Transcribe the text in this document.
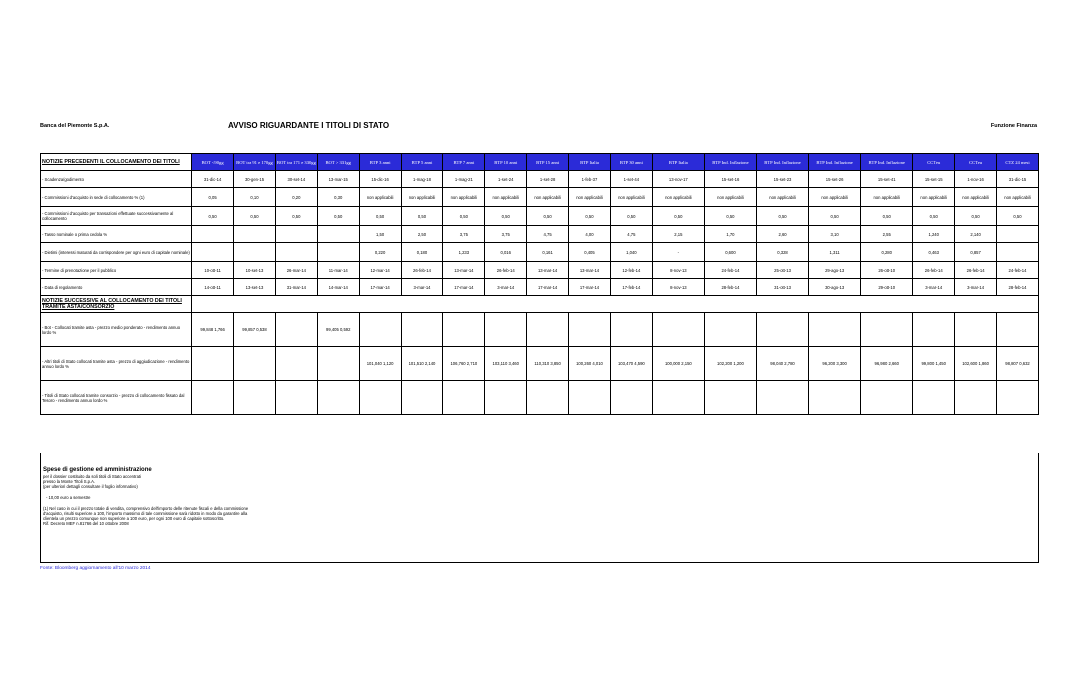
Banca del Piemonte S.p.A.	AVVISO RIGUARDANTE I TITOLI DI STATO	Funzione Finanza
NOTIZIE PRECEDENTI IL COLLOCAMENTO DEI TITOLI	BOT <90gg	BOT tra 91 e 170gg	BOT tra 171 e 330gg	BOT > 331gg	BTP 3 anni	BTP 5 anni	BTP 7 anni	BTP 10 anni	BTP 15 anni	BTP Italia	BTP 30 anni	BTP Italia	BTP Ind. Inflazione	BTP Ind. Inflazione	BTP Ind. Inflazione	BTP Ind. Inflazione	CCTeu	CCTeu	CTZ 24 mesi
- Scadenza/godimento	31-dic-14	30-gen-15	30-set-14	13-mar-15	15-dic-16	1-mag-18	1-mag-21	1-set-24	1-set-28	1-feb-37	1-set-44	13-nov-17	15-set-16	15-set-23	15-set-26	15-set-41	15-set-15	1-nov-16	31-dic-15
- Commissioni d'acquisto in sede di collocamento % (1)	0,05	0,10	0,20	0,30	non applicabili	non applicabili	non applicabili	non applicabili	non applicabili	non applicabili	non applicabili	non applicabili	non applicabili	non applicabili	non applicabili	non applicabili	non applicabili	non applicabili	non applicabili
- Commissioni d'acquisto per transazioni effettuate successivamente al collocamento	0,50	0,50	0,50	0,50	0,50	0,50	0,50	0,50	0,50	0,50	0,50	0,50	0,50	0,50	0,50	0,50	0,50	0,50	0,50
- Tasso nominale o prima cedola %					1,50	2,50	3,75	3,75	4,75	4,00	4,75	2,15	1,70	2,60	3,10	2,55	1,240	2,140	
- Dietimi (interessi maturati da corrispondere per ogni euro di capitale nominale)					0,220	0,180	1,233	0,016	0,161	0,405	1,040	-	0,600	0,328	1,311	0,280	0,463	0,857	
- Termine di prenotazione per il pubblico	10-ott-11	10-set-13	26-mar-14	11-mar-14	12-mar-14	26-feb-14	13-mar-14	26-feb-14	13-mar-14	13-mar-14	12-feb-14	8-nov-13	24-feb-14	25-ott-13	29-ago-13	26-ott-10	26-feb-14	26-feb-14	24-feb-14
- Data di regolamento	14-ott-11	13-set-13	31-mar-14	14-mar-14	17-mar-14	3-mar-14	17-mar-14	3-mar-14	17-mar-14	17-mar-14	17-feb-14	8-nov-13	28-feb-14	31-ott-13	30-ago-13	29-ott-10	3-mar-14	3-mar-14	28-feb-14
NOTIZIE SUCCESSIVE AL COLLOCAMENTO DEI TITOLI TRAMITE ASTA/CONSORZIO																			
- Bot - Collocati tramite asta - prezzo medio ponderato - rendimento annuo lordo %	99,848 1,766	99,857 0,538		99,405 0,592															
- Altri titoli di Stato collocati tramite asta - prezzo di aggiudicazione - rendimento annuo lordo %					101,040 1,120	101,510 2,140	106,760 2,710	103,110 3,460	110,310 3,850	100,260 4,010	103,470 4,590	100,000 2,150	102,200 1,200	98,040 2,780	96,200 3,300	96,980 2,660	99,800 1,450	102,600 1,860	98,807 0,632
- Titoli di Stato collocati tramite consorzio - prezzo di collocamento fissato dal Tesoro - rendimento annuo lordo %																			
Spese di gestione ed amministrazione
per il dossier costituito da soli titoli di Stato accentrati
presso la Monte Titoli S.p.A.
(per ulteriori dettagli consultare il foglio informativo)
- 10,00 euro a semestre
(1) Nel caso in cui il prezzo totale di vendita, comprensivo dell'importo delle ritenute fiscali e della commissione
d'acquisto, risulti superiore a 100, l'importo massimo di tale commissione sarà ridotto in modo da garantire alla
clientela un prezzo comunque non superiore a 100 euro, per ogni 100 euro di capitale sottoscritto.
Rif. Decreto MEF n.81766 del 10 ottobre 2008
Fonte: Bloomberg aggiornamento all'10 marzo 2014
